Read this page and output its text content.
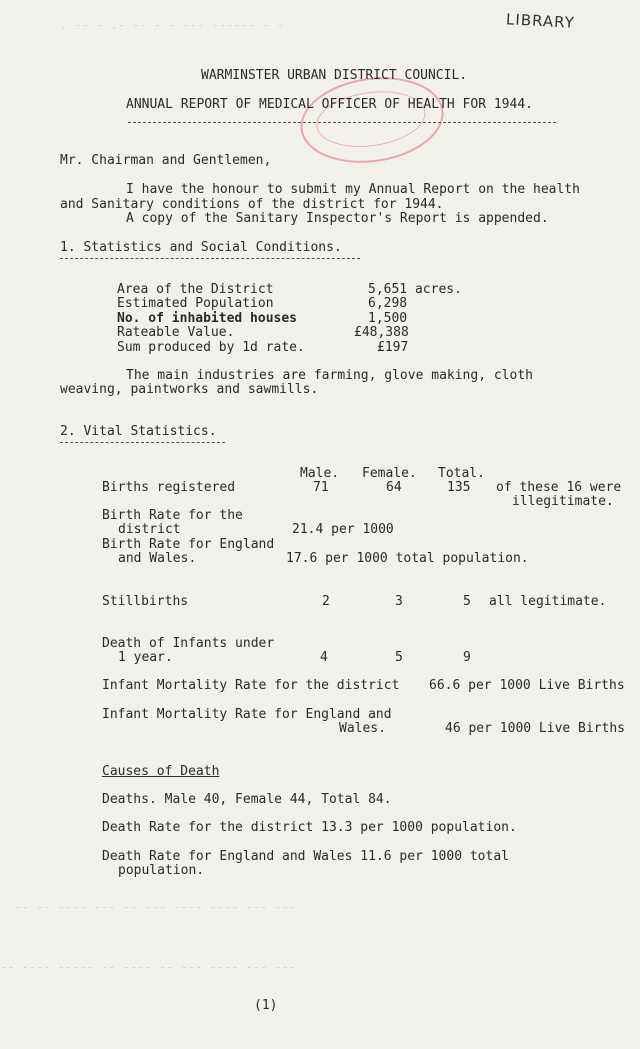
LIBRARY
. ‑‑ ‑ .‑ ‑‑ ‑ ‑ ‑‑‑ ‑‑‑‑‑‑ ‑ ‑
‑‑ ‑‑ ‑‑‑‑ ‑‑‑ ‑‑ ‑‑‑ ‑‑‑‑ ‑‑‑‑ ‑‑‑ ‑‑‑
‑‑ ‑‑‑‑ ‑‑‑‑‑ ‑‑ ‑‑‑‑ ‑‑ ‑‑‑ ‑‑‑‑ ‑‑‑ ‑‑‑
WARMINSTER URBAN DISTRICT COUNCIL.
ANNUAL REPORT OF MEDICAL OFFICER OF HEALTH FOR 1944.
Mr. Chairman and Gentlemen,
I have the honour to submit my Annual Report on the health
and Sanitary conditions of the district for 1944.
A copy of the Sanitary Inspector's Report is appended.
1. Statistics and Social Conditions.
Area of the District	5,651 acres.
Estimated Population	6,298
No. of inhabited houses	1,500
Rateable Value.	£48,388
Sum produced by 1d rate.	£197
The main industries are farming, glove making, cloth
weaving, paintworks and sawmills.
2. Vital Statistics.
Male. Female. Total.
Births registered	71	64	135 of these 16 were
illegitimate.
Birth Rate for the
district	21.4 per 1000
Birth Rate for England
and Wales.	17.6 per 1000 total population.
Stillbirths	2	3	5 all legitimate.
Death of Infants under
1 year.	4	5	9
Infant Mortality Rate for the district 66.6 per 1000 Live Births
Infant Mortality Rate for England and
Wales.	46 per 1000 Live Births
Causes of Death
Deaths. Male 40, Female 44, Total 84.
Death Rate for the district 13.3 per 1000 population.
Death Rate for England and Wales 11.6 per 1000 total
population.
(1)
